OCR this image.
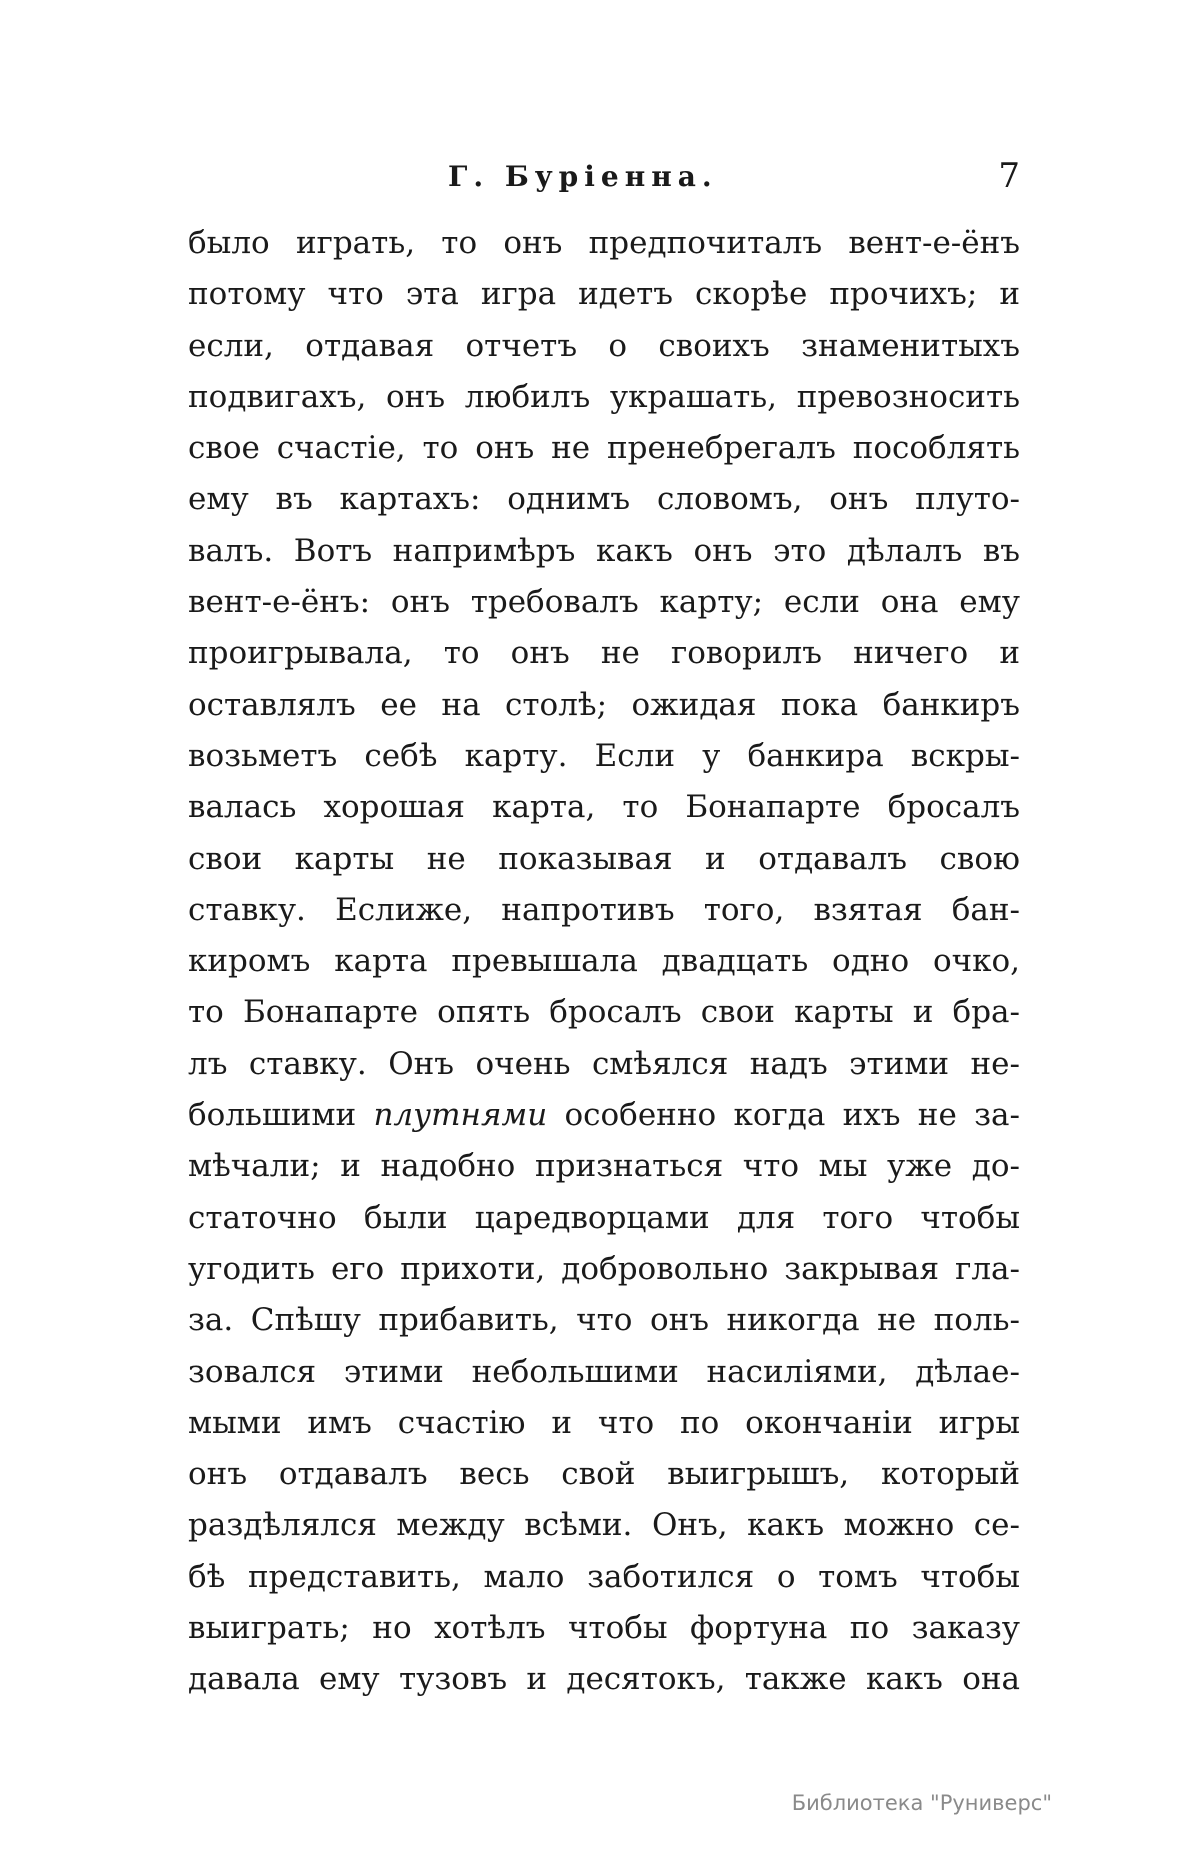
Г. Бурiенна.	7
было играть, то онъ предпочиталъ вент-е-ёнъ
потому что эта игра идетъ скорѣе прочихъ; и
если, отдавая отчетъ о своихъ знаменитыхъ
подвигахъ, онъ любилъ украшать, превозносить
свое счастiе, то онъ не пренебрегалъ пособлять
ему въ картахъ: однимъ словомъ, онъ плуто-
валъ. Вотъ напримѣръ какъ онъ это дѣлалъ въ
вент-е-ёнъ: онъ требовалъ карту; если она ему
проигрывала, то онъ не говорилъ ничего и
оставлялъ ее на столѣ; ожидая пока банкиръ
возьметъ себѣ карту. Если у банкира вскры-
валась хорошая карта, то Бонапарте бросалъ
свои карты не показывая и отдавалъ свою
ставку. Еслиже, напротивъ того, взятая бан-
киромъ карта превышала двадцать одно очко,
то Бонапарте опять бросалъ свои карты и бра-
лъ ставку. Онъ очень смѣялся надъ этими не-
большими плутнями особенно когда ихъ не за-
мѣчали; и надобно признаться что мы уже до-
статочно были царедворцами для того чтобы
угодить его прихоти, добровольно закрывая гла-
за. Спѣшу прибавить, что онъ никогда не поль-
зовался этими небольшими насилiями, дѣлае-
мыми имъ счастiю и что по окончанiи игры
онъ отдавалъ весь свой выигрышъ, который
раздѣлялся между всѣми. Онъ, какъ можно се-
бѣ представить, мало заботился о томъ чтобы
выиграть; но хотѣлъ чтобы фортуна по заказу
давала ему тузовъ и десятокъ, также какъ она
Библиотека "Руниверс"
